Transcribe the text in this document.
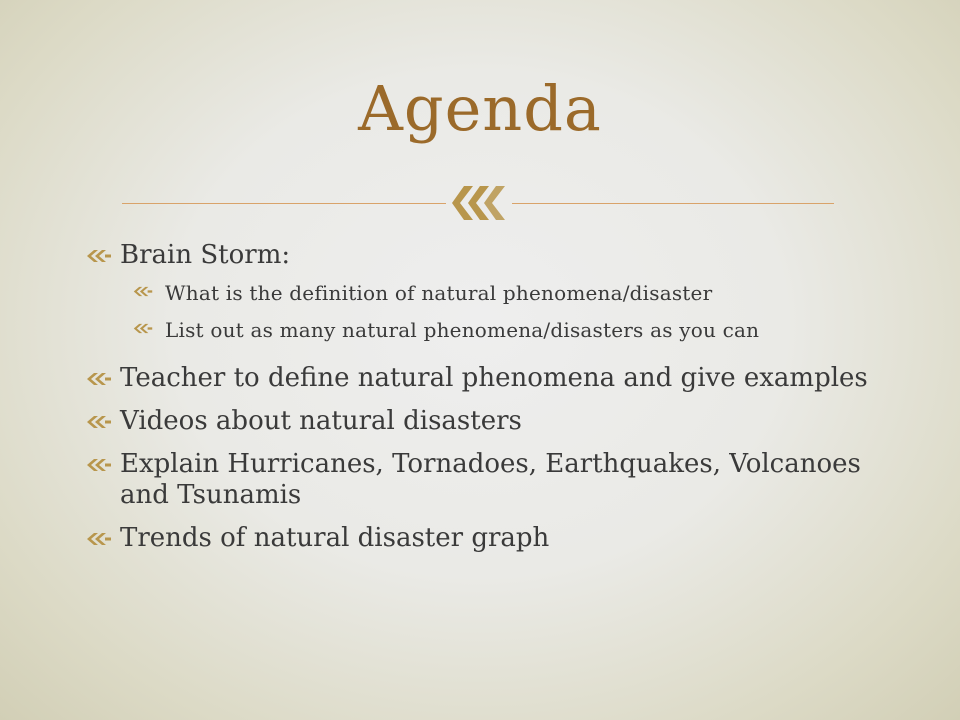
Agenda
Brain Storm:
What is the definition of natural phenomena/disaster
List out as many natural phenomena/disasters as you can
Teacher to define natural phenomena and give examples
Videos about natural disasters
Explain Hurricanes, Tornadoes, Earthquakes, Volcanoes and Tsunamis
Trends of natural disaster graph
